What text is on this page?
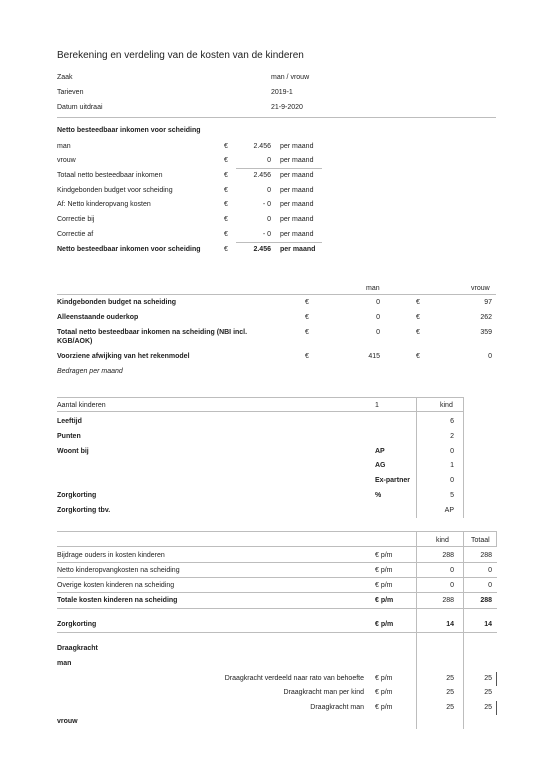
Berekening en verdeling van de kosten van de kinderen
Zaak	man / vrouw
Tarieven	2019-1
Datum uitdraai	21-9-2020
Netto besteedbaar inkomen voor scheiding
man	€	2.456 per maand
vrouw	€	0 per maand
Totaal netto besteedbaar inkomen	€	2.456 per maand
Kindgebonden budget voor scheiding	€	0 per maand
Af: Netto kinderopvang kosten	€	- 0 per maand
Correctie bij	€	0 per maand
Correctie af	€	- 0 per maand
Netto besteedbaar inkomen voor scheiding	€	2.456 per maand
man	vrouw
Kindgebonden budget na scheiding	€	0	€	97
Alleenstaande ouderkop	€	0	€	262
Totaal netto besteedbaar inkomen na scheiding (NBI incl.
KGB/AOK)
€	0	€	359
Voorziene afwijking van het rekenmodel	€	415	€	0
Bedragen per maand
Aantal kinderen	1	kind
Leeftijd	6
Punten	2
Woont bij	AP	0
AG	1
Ex-partner	0
Zorgkorting	%	5
Zorgkorting tbv.	AP
kind	Totaal
Bijdrage ouders in kosten kinderen	€ p/m	288	288
Netto kinderopvangkosten na scheiding	€ p/m	0	0
Overige kosten kinderen na scheiding	€ p/m	0	0
Totale kosten kinderen na scheiding	€ p/m	288	288
Zorgkorting	€ p/m	14	14
Draagkracht
man
Draagkracht verdeeld naar rato van behoefte € p/m	25	25
Draagkracht man per kind € p/m	25	25
Draagkracht man € p/m	25	25
vrouw
